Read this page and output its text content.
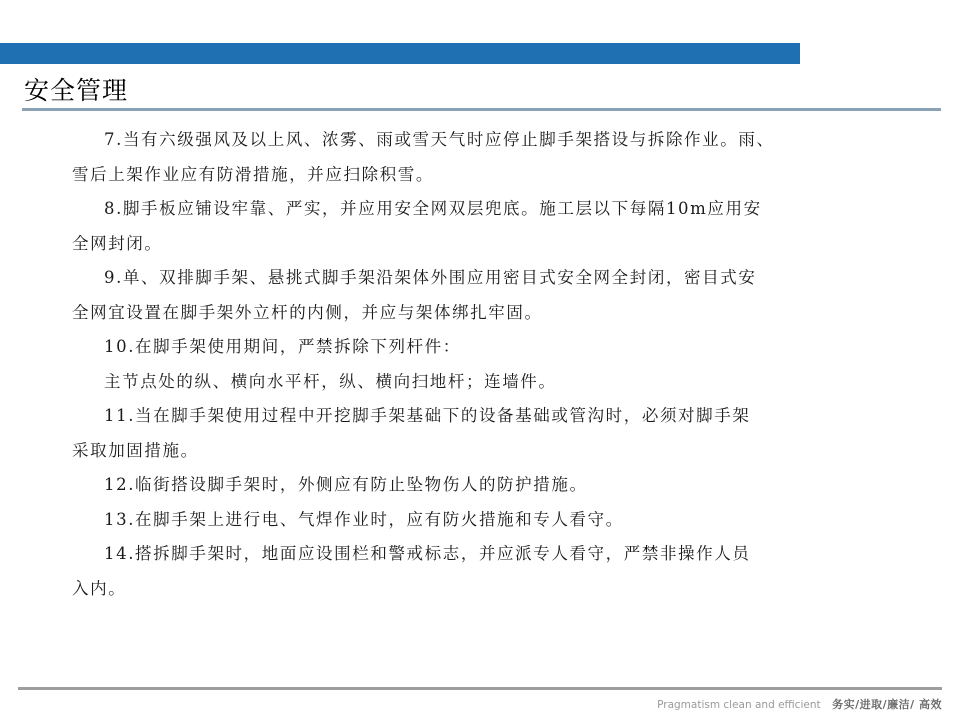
安全管理
7.当有六级强风及以上风、浓雾、雨或雪天气时应停止脚手架搭设与拆除作业。雨、
雪后上架作业应有防滑措施，并应扫除积雪。
8.脚手板应铺设牢靠、严实，并应用安全网双层兜底。施工层以下每隔10m应用安
全网封闭。
9.单、双排脚手架、悬挑式脚手架沿架体外围应用密目式安全网全封闭，密目式安
全网宜设置在脚手架外立杆的内侧，并应与架体绑扎牢固。
10.在脚手架使用期间，严禁拆除下列杆件：
主节点处的纵、横向水平杆，纵、横向扫地杆；连墙件。
11.当在脚手架使用过程中开挖脚手架基础下的设备基础或管沟时，必须对脚手架
采取加固措施。
12.临街搭设脚手架时，外侧应有防止坠物伤人的防护措施。
13.在脚手架上进行电、气焊作业时，应有防火措施和专人看守。
14.搭拆脚手架时，地面应设围栏和警戒标志，并应派专人看守，严禁非操作人员
入内。
Pragmatism clean and efficient 务实/进取/廉洁/ 高效
